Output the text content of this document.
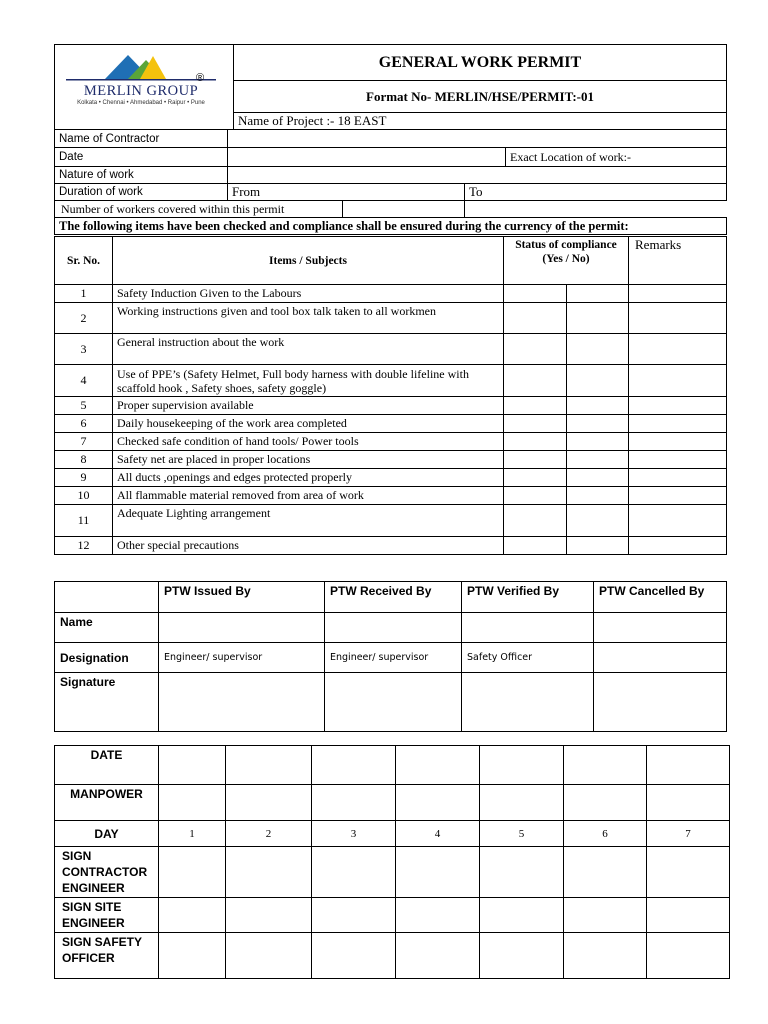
		GENERAL WORK PERMIT		
		Format No- MERLIN/HSE/PERMIT:-01		
		Name of Project :- 18 EAST		
Name of Contractor				
Date				Exact Location of work:-
Nature of work				
Duration of work	From		To	

Number of workers covered within this permit				

The following items have been checked and compliance shall be ensured during the currency of the permit:				
®
MERLIN GROUP
Kolkata • Chennai • Ahmedabad • Raipur • Pune
Sr. No.	Items / Subjects	Status of compliance (Yes / No)		Remarks
1	Safety Induction Given to the Labours			
2	Working instructions given and tool box talk taken to all workmen			
3	General instruction about the work			
4	Use of PPE’s (Safety Helmet, Full body harness with double lifeline with scaffold hook , Safety shoes, safety goggle)			
5	Proper supervision available			
6	Daily housekeeping of the work area completed			
7	Checked safe condition of hand tools/ Power tools			
8	Safety net are placed in proper locations			
9	All ducts ,openings and edges protected properly			
10	All flammable material removed from area of work			
11	Adequate Lighting arrangement			
12	Other special precautions			
	PTW Issued By	PTW Received By	PTW Verified By	PTW Cancelled By
Name				
Designation	Engineer/ supervisor	Engineer/ supervisor	Safety Officer	
Signature				
DATE							
MANPOWER							
DAY	1	2	3	4	5	6	7
SIGN CONTRACTOR ENGINEER							
SIGN SITE ENGINEER							
SIGN SAFETY OFFICER							
